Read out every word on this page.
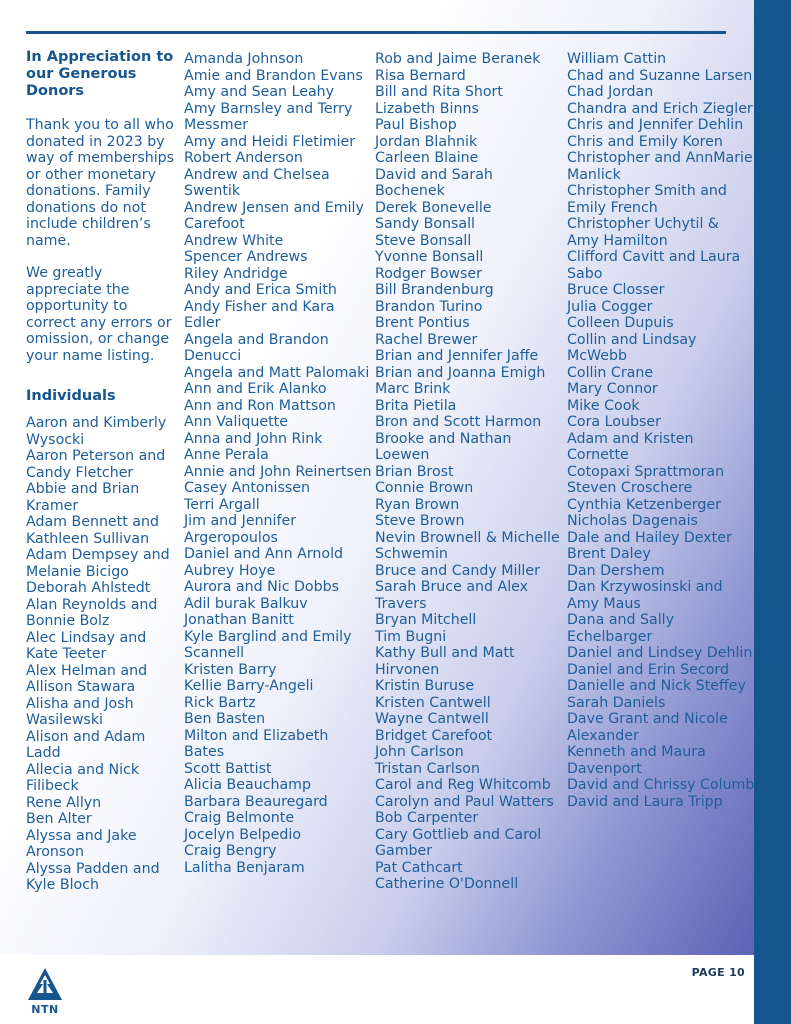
In Appreciation to our Generous Donors

Thank you to all who donated in 2023 by way of memberships or other monetary donations. Family donations do not include children’s name.

We greatly appreciate the opportunity to correct any errors or omission, or change your name listing.

Individuals

Aaron and Kimberly Wysocki
Aaron Peterson and Candy Fletcher
Abbie and Brian Kramer
Adam Bennett and Kathleen Sullivan
Adam Dempsey and Melanie Bicigo
Deborah Ahlstedt
Alan Reynolds and Bonnie Bolz
Alec Lindsay and Kate Teeter
Alex Helman and Allison Stawara
Alisha and Josh Wasilewski
Alison and Adam Ladd
Allecia and Nick Filibeck
Rene Allyn
Ben Alter
Alyssa and Jake Aronson
Alyssa Padden and Kyle Bloch
Amanda Johnson
Amie and Brandon Evans
Amy and Sean Leahy
Amy Barnsley and Terry Messmer
Amy and Heidi Fletimier
Robert Anderson
Andrew and Chelsea Swentik
Andrew Jensen and Emily Carefoot
Andrew White
Spencer Andrews
Riley Andridge
Andy and Erica Smith
Andy Fisher and Kara Edler
Angela and Brandon Denucci
Angela and Matt Palomaki
Ann and Erik Alanko
Ann and Ron Mattson
Ann Valiquette
Anna and John Rink
Anne Perala
Annie and John Reinertsen
Casey Antonissen
Terri Argall
Jim and Jennifer Argeropoulos
Daniel and Ann Arnold
Aubrey Hoye
Aurora and Nic Dobbs
Adil burak Balkuv
Jonathan Banitt
Kyle Barglind and Emily Scannell
Kristen Barry
Kellie Barry-Angeli
Rick Bartz
Ben Basten
Milton and Elizabeth Bates
Scott Battist
Alicia Beauchamp
Barbara Beauregard
Craig Belmonte
Jocelyn Belpedio
Craig Bengry
Lalitha Benjaram
Rob and Jaime Beranek
Risa Bernard
Bill and Rita Short
Lizabeth Binns
Paul Bishop
Jordan Blahnik
Carleen Blaine
David and Sarah Bochenek
Derek Bonevelle
Sandy Bonsall
Steve Bonsall
Yvonne Bonsall
Rodger Bowser
Bill Brandenburg
Brandon Turino
Brent Pontius
Rachel Brewer
Brian and Jennifer Jaffe
Brian and Joanna Emigh
Marc Brink
Brita Pietila
Bron and Scott Harmon
Brooke and Nathan Loewen
Brian Brost
Connie Brown
Ryan Brown
Steve Brown
Nevin Brownell & Michelle Schwemin
Bruce and Candy Miller
Sarah Bruce and Alex Travers
Bryan Mitchell
Tim Bugni
Kathy Bull and Matt Hirvonen
Kristin Buruse
Kristen Cantwell
Wayne Cantwell
Bridget Carefoot
John Carlson
Tristan Carlson
Carol and Reg Whitcomb
Carolyn and Paul Watters
Bob Carpenter
Cary Gottlieb and Carol Gamber
Pat Cathcart
Catherine O'Donnell
William Cattin
Chad and Suzanne Larsen
Chad Jordan
Chandra and Erich Ziegler
Chris and Jennifer Dehlin
Chris and Emily Koren
Christopher and AnnMarie Manlick
Christopher Smith and Emily French
Christopher Uchytil & Amy Hamilton
Clifford Cavitt and Laura Sabo
Bruce Closser
Julia Cogger
Colleen Dupuis
Collin and Lindsay McWebb
Collin Crane
Mary Connor
Mike Cook
Cora Loubser
Adam and Kristen Cornette
Cotopaxi Sprattmoran
Steven Croschere
Cynthia Ketzenberger
Nicholas Dagenais
Dale and Hailey Dexter
Brent Daley
Dan Dershem
Dan Krzywosinski and Amy Maus
Dana and Sally Echelbarger
Daniel and Lindsey Dehlin
Daniel and Erin Secord
Danielle and Nick Steffey
Sarah Daniels
Dave Grant and Nicole Alexander
Kenneth and Maura Davenport
David and Chrissy Columb
David and Laura Tripp
NTN
PAGE 10
